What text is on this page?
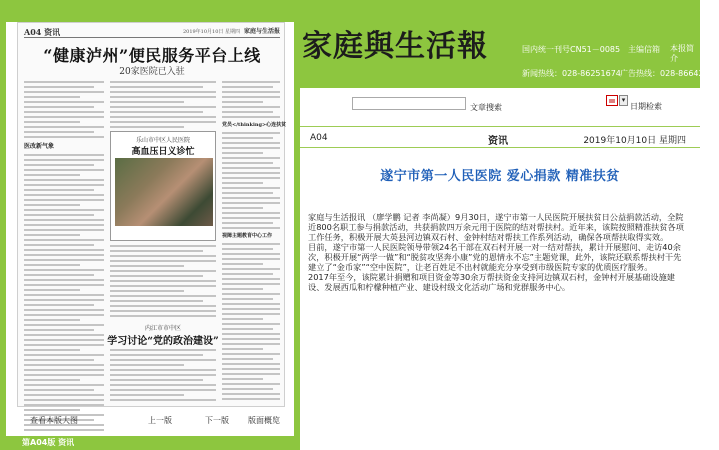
A04 资讯	2019年10月10日 星期四 家庭与生活报
“健康泸州”便民服务平台上线
20家医院已入驻
医改新气象
乐山市中区人民医院
高血压日义诊忙
内江市市中区
学习讨论“党的政治建设”
党员</thinking>心连扶贫
视障主题教育中心工作
查看本版大图	上一版	下一版 版面概览
第A04版 资讯
家庭與生活報	国内统一刊号CN51－0085 主编信箱 本报简介
新闻热线：028-86251674 广告热线：028-86642771
文章搜索
▾
日期检索
A04	资讯	2019年10月10日 星期四
遂宁市第一人民医院 爱心捐款 精准扶贫

家庭与生活报讯 （廖学鹏 记者 李尚凝）9月30日，遂宁市第一人民医院开展扶贫日公益捐款活动，全院近800名职工参与捐款活动，共获捐款四万余元用于医院的结对帮扶村。近年来，该院按照精准扶贫各项工作任务，积极开展大英县河边镇双石村、金钟村结对帮扶工作系列活动，确保各项帮扶取得实效。

目前，遂宁市第一人民医院领导带领24名干部在双石村开展一对一结对帮扶，累计开展慰问、走访40余次，积极开展“两学一做”和“脱贫攻坚奔小康”党的恩情永不忘”主题党课，此外，该院还联系帮扶村干先建立了“金币家”“空中医院”，让老百姓足不出村就能充分享受到市级医院专家的优质医疗服务。

2017年至今，该院累计捐赠和项目资金等30余万帮扶资金支持河边镇双石村，金钟村开展基础设施建设、发展西瓜和柠檬种植产业、建设村级文化活动广场和党群服务中心。
